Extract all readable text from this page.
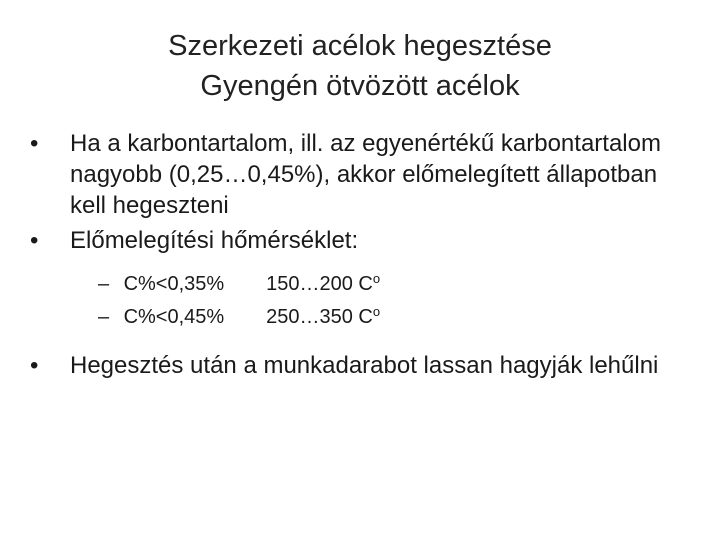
Szerkezeti acélok hegesztése
Gyengén ötvözött acélok
•	Ha a karbontartalom, ill. az egyenértékű karbontartalom nagyobb (0,25…0,45%), akkor előmelegített állapotban kell hegeszteni
•	Előmelegítési hőmérséklet:
– C%<0,35% 150…200 $C^o$
– C%<0,45% 250…350 $C^o$
•	Hegesztés után a munkadarabot lassan hagyják lehűlni
